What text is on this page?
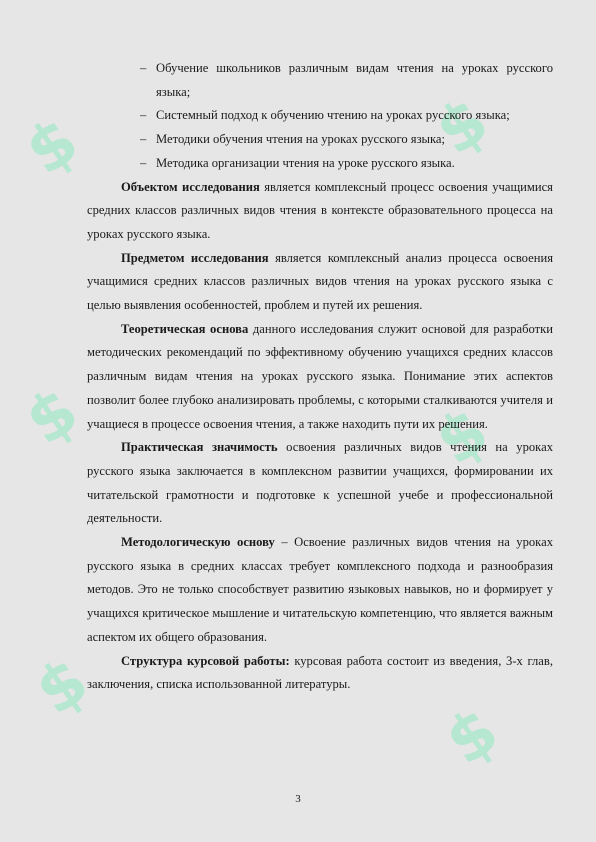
$	$
$	$
$
$
– Обучение школьников различным видам чтения на уроках русского языка;
– Системный подход к обучению чтению на уроках русского языка;
– Методики обучения чтения на уроках русского языка;
– Методика организации чтения на уроке русского языка.
Объектом исследования является комплексный процесс освоения учащимися средних классов различных видов чтения в контексте образовательного процесса на уроках русского языка.
Предметом исследования является комплексный анализ процесса освоения учащимися средних классов различных видов чтения на уроках русского языка с целью выявления особенностей, проблем и путей их решения.
Теоретическая основа данного исследования служит основой для разработки методических рекомендаций по эффективному обучению учащихся средних классов различным видам чтения на уроках русского языка. Понимание этих аспектов позволит более глубоко анализировать проблемы, с которыми сталкиваются учителя и учащиеся в процессе освоения чтения, а также находить пути их решения.
Практическая значимость освоения различных видов чтения на уроках русского языка заключается в комплексном развитии учащихся, формировании их читательской грамотности и подготовке к успешной учебе и профессиональной деятельности.
Методологическую основу – Освоение различных видов чтения на уроках русского языка в средних классах требует комплексного подхода и разнообразия методов. Это не только способствует развитию языковых навыков, но и формирует у учащихся критическое мышление и читательскую компетенцию, что является важным аспектом их общего образования.
Структура курсовой работы: курсовая работа состоит из введения, 3-х глав, заключения, списка использованной литературы.
3
